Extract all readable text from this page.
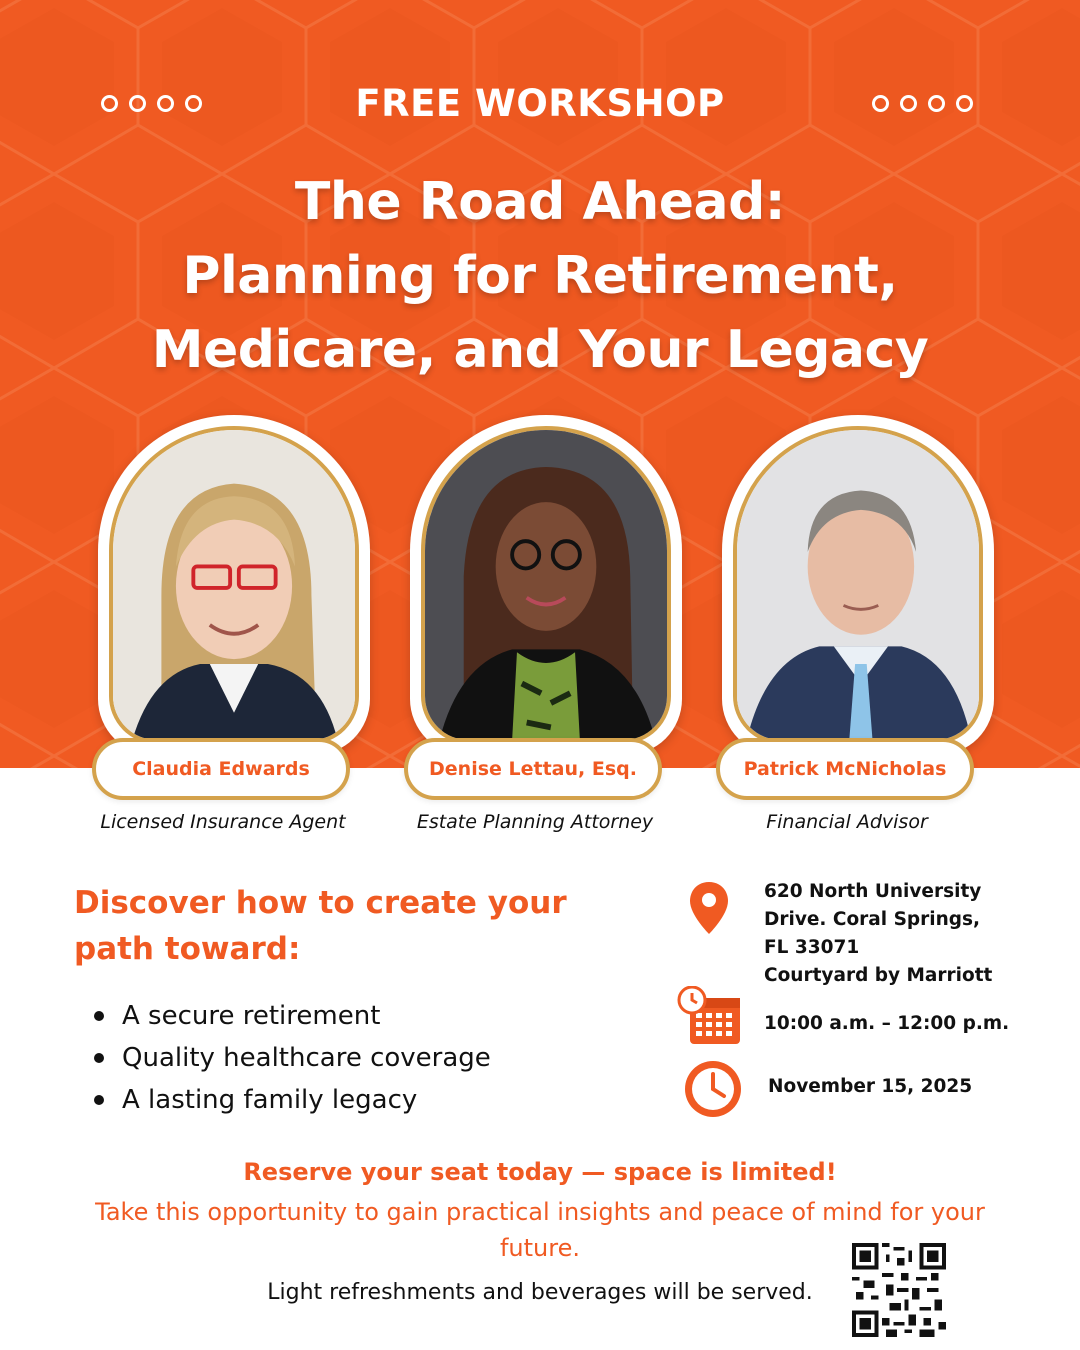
FREE WORKSHOP
The Road Ahead:
Planning for Retirement,
Medicare, and Your Legacy
Claudia Edwards
Licensed Insurance Agent
Denise Lettau, Esq.
Estate Planning Attorney
Patrick McNicholas
Financial Advisor
Discover how to create your
path toward:
A secure retirement
Quality healthcare coverage
A lasting family legacy
620 North University
Drive. Coral Springs,
FL 33071
Courtyard by Marriott
10:00 a.m. – 12:00 p.m.
November 15, 2025
Reserve your seat today — space is limited!
Take this opportunity to gain practical insights and peace of mind for your future.
Light refreshments and beverages will be served.
